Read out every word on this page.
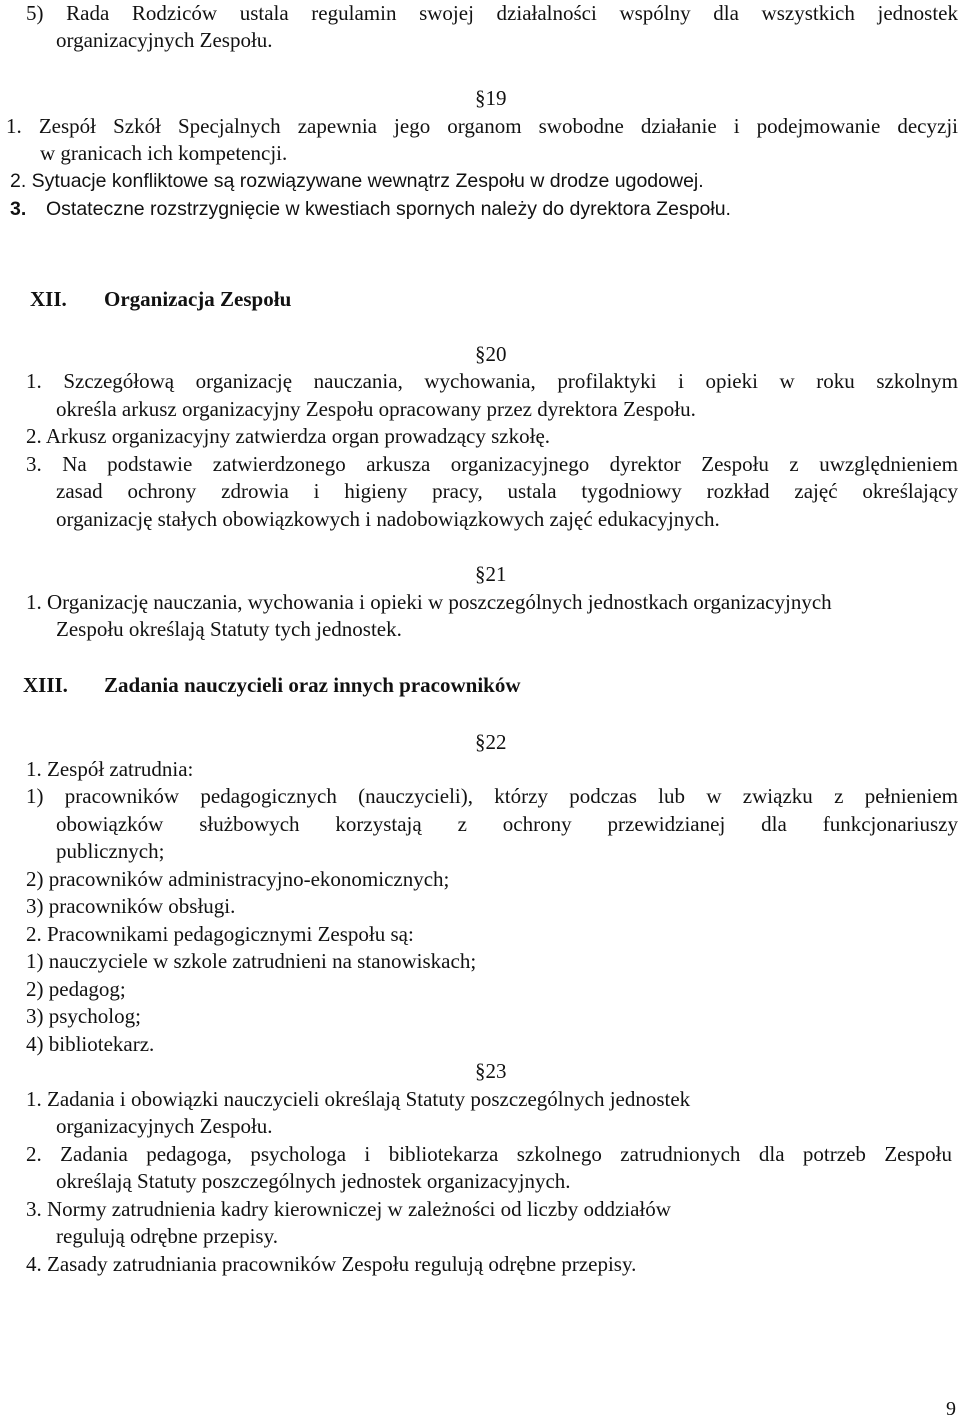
5) Rada Rodziców ustala regulamin swojej działalności wspólny dla wszystkich jednostek
organizacyjnych Zespołu.
§19
1. Zespół Szkół Specjalnych zapewnia jego organom swobodne działanie i podejmowanie decyzji
w granicach ich kompetencji.
2. Sytuacje konfliktowe są rozwiązywane wewnątrz Zespołu w drodze ugodowej.
3. Ostateczne rozstrzygnięcie w kwestiach spornych należy do dyrektora Zespołu.
XII. Organizacja Zespołu
§20
1. Szczegółową organizację nauczania, wychowania, profilaktyki i opieki w roku szkolnym
określa arkusz organizacyjny Zespołu opracowany przez dyrektora Zespołu.
2. Arkusz organizacyjny zatwierdza organ prowadzący szkołę.
3. Na podstawie zatwierdzonego arkusza organizacyjnego dyrektor Zespołu z uwzględnieniem
zasad ochrony zdrowia i higieny pracy, ustala tygodniowy rozkład zajęć określający
organizację stałych obowiązkowych i nadobowiązkowych zajęć edukacyjnych.
§21
1. Organizację nauczania, wychowania i opieki w poszczególnych jednostkach organizacyjnych
Zespołu określają Statuty tych jednostek.
XIII. Zadania nauczycieli oraz innych pracowników
§22
1. Zespół zatrudnia:
1) pracowników pedagogicznych (nauczycieli), którzy podczas lub w związku z pełnieniem
obowiązków służbowych korzystają z ochrony przewidzianej dla funkcjonariuszy
publicznych;
2) pracowników administracyjno-ekonomicznych;
3) pracowników obsługi.
2. Pracownikami pedagogicznymi Zespołu są:
1) nauczyciele w szkole zatrudnieni na stanowiskach;
2) pedagog;
3) psycholog;
4) bibliotekarz.
§23
1. Zadania i obowiązki nauczycieli określają Statuty poszczególnych jednostek
organizacyjnych Zespołu.
2. Zadania pedagoga, psychologa i bibliotekarza szkolnego zatrudnionych dla potrzeb Zespołu
określają Statuty poszczególnych jednostek organizacyjnych.
3. Normy zatrudnienia kadry kierowniczej w zależności od liczby oddziałów
regulują odrębne przepisy.
4. Zasady zatrudniania pracowników Zespołu regulują odrębne przepisy.
9
